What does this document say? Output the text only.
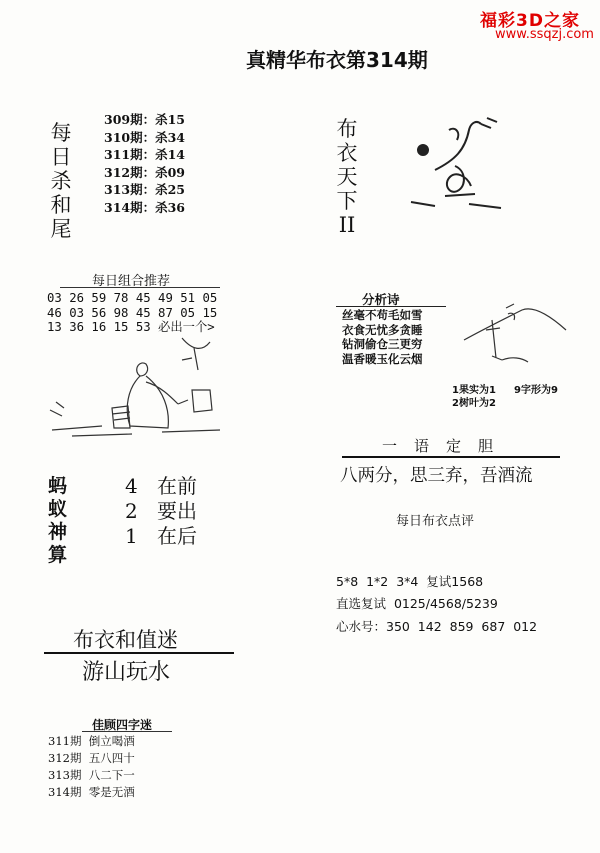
福彩3D之家
www.ssqzj.com
真精华布衣第314期
每日杀和尾
309期：杀15
310期：杀34
311期：杀14
312期：杀09
313期：杀25
314期：杀36
每日组合推荐
03 26 59 78 45 49 51 05
46 03 56 98 45 87 05 15
13 36 16 15 53 必出一个>
蚂蚁神算
4 在前
2 要出
1 在后
布衣和值迷
游山玩水
佳顾四字迷
311期  倒立喝酒
312期  五八四十
313期  八二下一
314期  零是无酒
布衣天下II
分析诗
丝毫不苟毛如雪
衣食无忧多贪睡
钻洞偷仓三更穷
温香暖玉化云烟
1果实为1
2树叶为2
9字形为9
一语定胆
八两分，思三弃，吾酒流
每日布衣点评
5*8  1*2  3*4  复试1568
直选复试  0125/4568/5239
心水号：350  142  859  687  012
